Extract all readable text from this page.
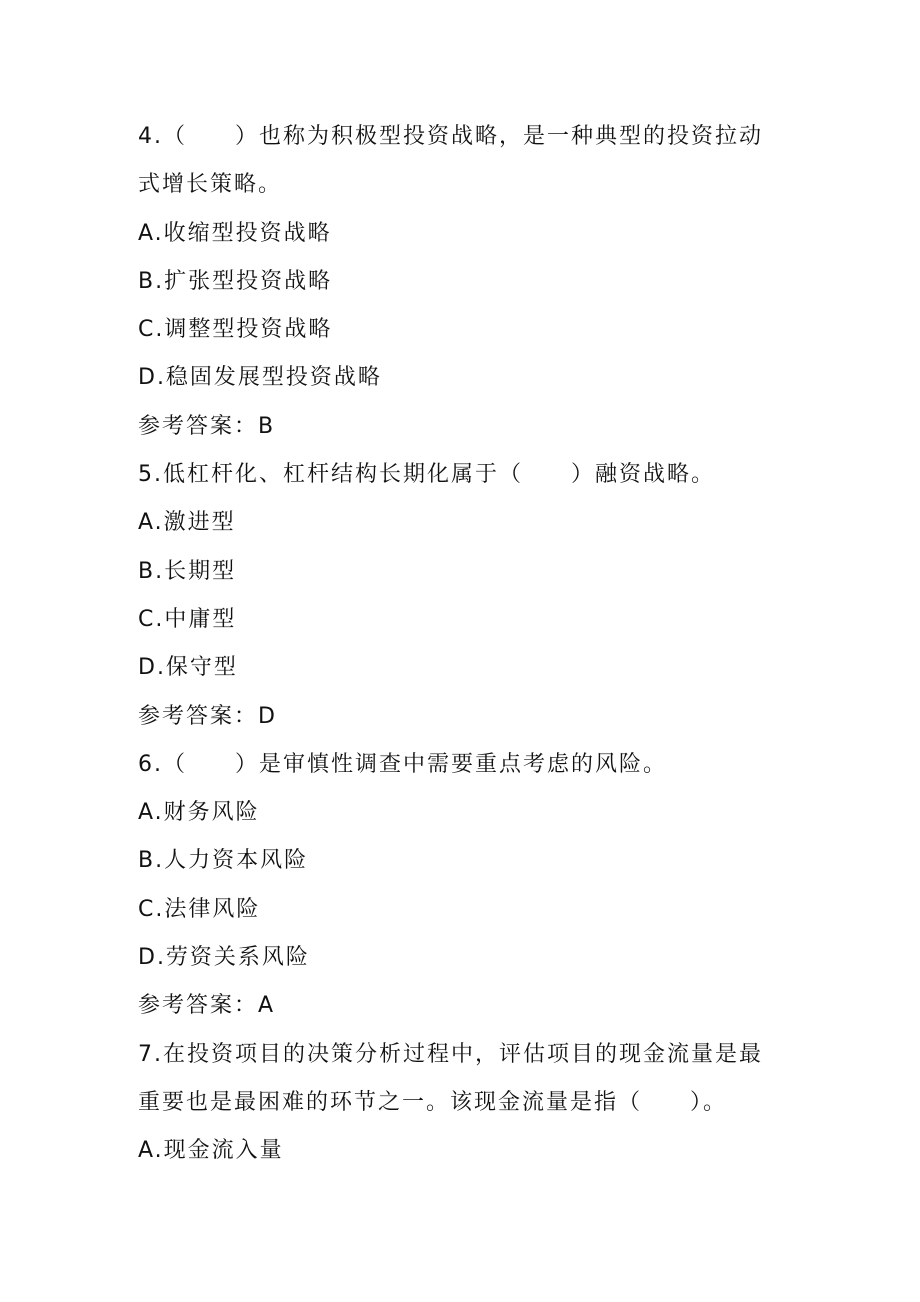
4.（　　）也称为积极型投资战略，是一种典型的投资拉动
式增长策略。
A.收缩型投资战略
B.扩张型投资战略
C.调整型投资战略
D.稳固发展型投资战略
参考答案：B
5.低杠杆化、杠杆结构长期化属于（　　）融资战略。
A.激进型
B.长期型
C.中庸型
D.保守型
参考答案：D
6.（　　）是审慎性调查中需要重点考虑的风险。
A.财务风险
B.人力资本风险
C.法律风险
D.劳资关系风险
参考答案：A
7.在投资项目的决策分析过程中，评估项目的现金流量是最
重要也是最困难的环节之一。该现金流量是指（　　）。
A.现金流入量
